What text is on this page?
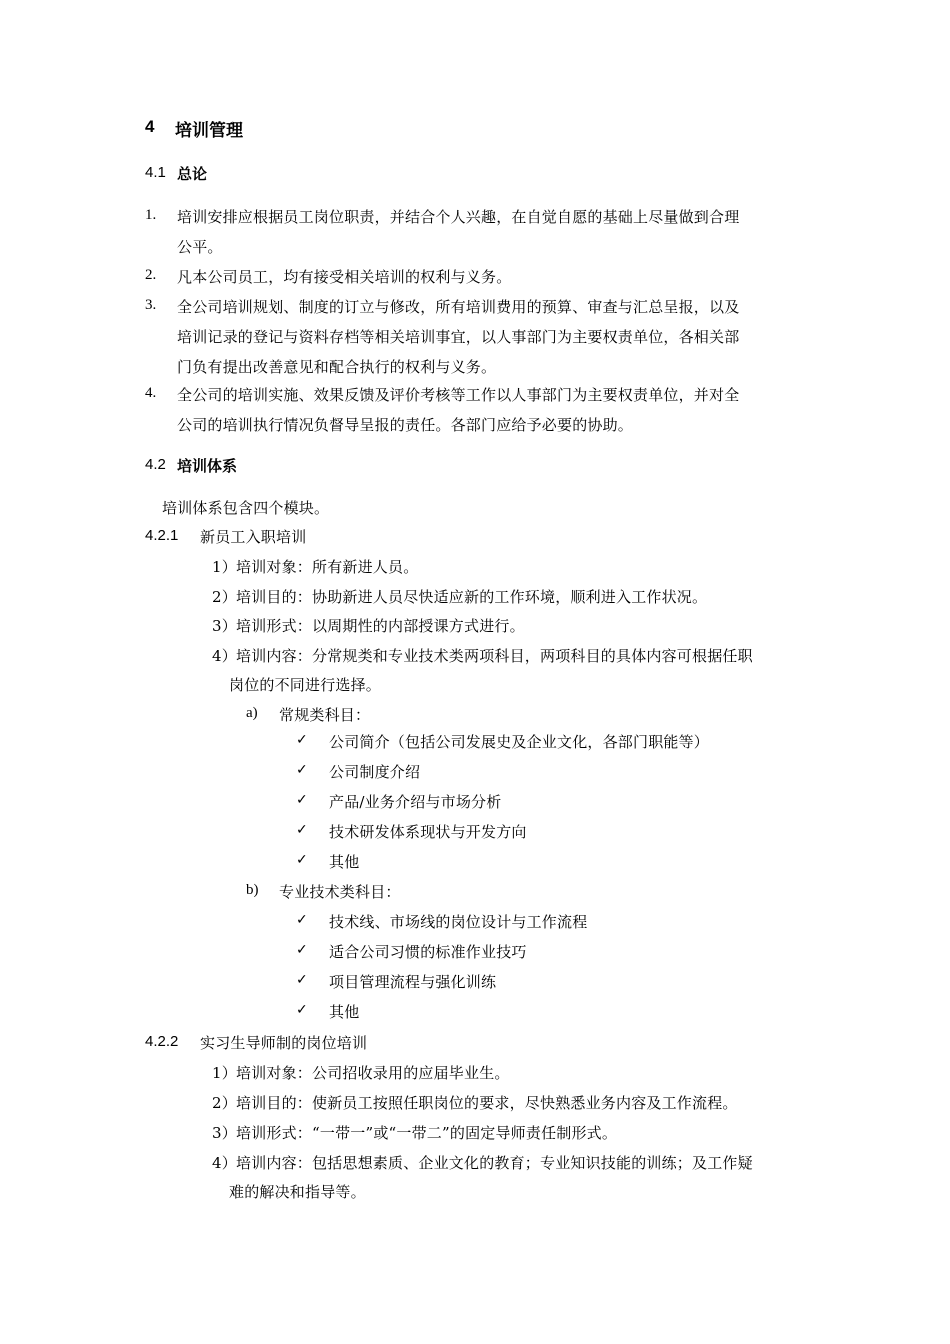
4 培训管理
4.1 总论
1. 培训安排应根据员工岗位职责，并结合个人兴趣，在自觉自愿的基础上尽量做到合理
公平。
2. 凡本公司员工，均有接受相关培训的权利与义务。
3. 全公司培训规划、制度的订立与修改，所有培训费用的预算、审查与汇总呈报，以及
培训记录的登记与资料存档等相关培训事宜，以人事部门为主要权责单位，各相关部
门负有提出改善意见和配合执行的权利与义务。
4. 全公司的培训实施、效果反馈及评价考核等工作以人事部门为主要权责单位，并对全
公司的培训执行情况负督导呈报的责任。各部门应给予必要的协助。
4.2 培训体系
培训体系包含四个模块。
4.2.1 新员工入职培训
1） 培训对象：所有新进人员。
2） 培训目的：协助新进人员尽快适应新的工作环境，顺利进入工作状况。
3） 培训形式：以周期性的内部授课方式进行。
4） 培训内容：分常规类和专业技术类两项科目，两项科目的具体内容可根据任职
岗位的不同进行选择。
a) 常规类科目：
✓ 公司简介（包括公司发展史及企业文化，各部门职能等）
✓ 公司制度介绍
✓ 产品/业务介绍与市场分析
✓ 技术研发体系现状与开发方向
✓ 其他
b) 专业技术类科目：
✓ 技术线、市场线的岗位设计与工作流程
✓ 适合公司习惯的标准作业技巧
✓ 项目管理流程与强化训练
✓ 其他
4.2.2 实习生导师制的岗位培训
1） 培训对象：公司招收录用的应届毕业生。
2） 培训目的：使新员工按照任职岗位的要求，尽快熟悉业务内容及工作流程。
3） 培训形式：“一带一”或“一带二”的固定导师责任制形式。
4） 培训内容：包括思想素质、企业文化的教育；专业知识技能的训练；及工作疑
难的解决和指导等。
